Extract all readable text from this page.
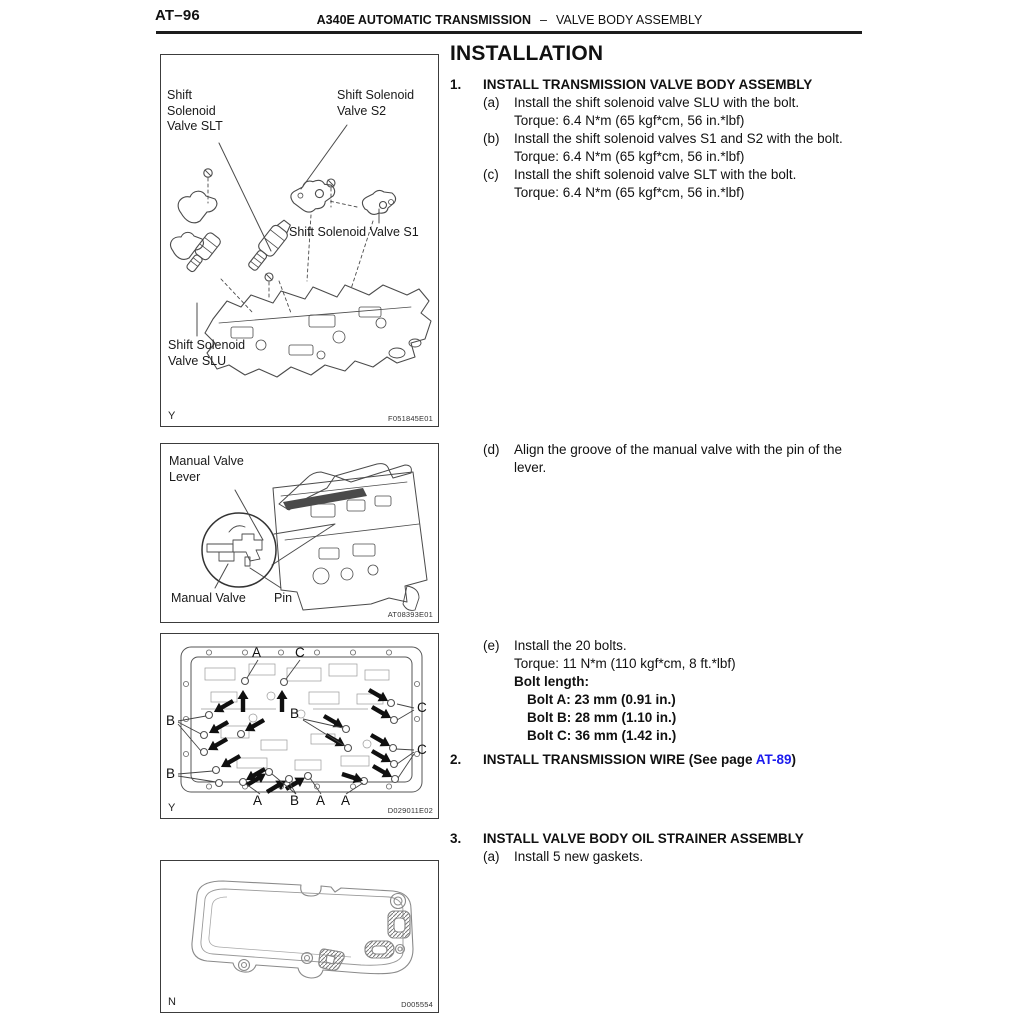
AT–96	A340E AUTOMATIC TRANSMISSION – VALVE BODY ASSEMBLY
Shift Solenoid Valve SLT
Shift Solenoid Valve S2
Shift Solenoid Valve S1
Shift Solenoid Valve SLU
Y	F051845E01
Manual Valve Lever
Manual Valve Pin
AT08393E01
A	C
B
B
B
C
C
A B A A
Y	D029011E02
N	D005554
INSTALLATION
1.	INSTALL TRANSMISSION VALVE BODY ASSEMBLY
(a)	Install the shift solenoid valve SLU with the bolt.
Torque: 6.4 N*m (65 kgf*cm, 56 in.*lbf)
(b)	Install the shift solenoid valves S1 and S2 with the bolt.
Torque: 6.4 N*m (65 kgf*cm, 56 in.*lbf)
(c)	Install the shift solenoid valve SLT with the bolt.
Torque: 6.4 N*m (65 kgf*cm, 56 in.*lbf)
(d)	Align the groove of the manual valve with the pin of the lever.
(e)	Install the 20 bolts.
Torque: 11 N*m (110 kgf*cm, 8 ft.*lbf)
Bolt length:
Bolt A: 23 mm (0.91 in.)
Bolt B: 28 mm (1.10 in.)
Bolt C: 36 mm (1.42 in.)
2.	INSTALL TRANSMISSION WIRE (See page AT-89)
3.	INSTALL VALVE BODY OIL STRAINER ASSEMBLY
(a)	Install 5 new gaskets.
